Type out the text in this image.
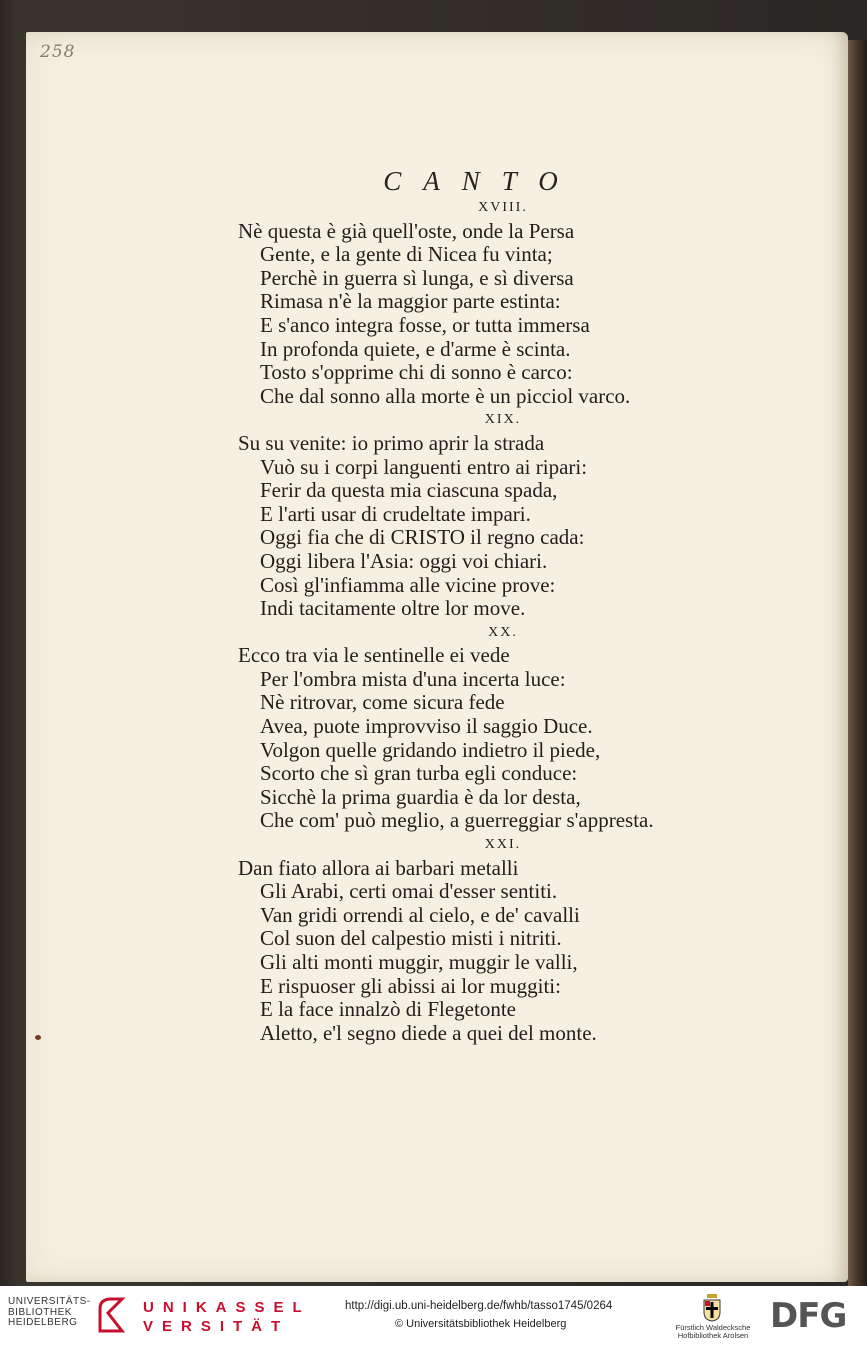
258
CANTO
XVIII.
Nè questa è già quell'oste, onde la Persa
Gente, e la gente di Nicea fu vinta;
Perchè in guerra sì lunga, e sì diversa
Rimasa n'è la maggior parte estinta:
E s'anco integra fosse, or tutta immersa
In profonda quiete, e d'arme è scinta.
Tosto s'opprime chi di sonno è carco:
Che dal sonno alla morte è un picciol varco.
XIX.
Su su venite: io primo aprir la strada
Vuò su i corpi languenti entro ai ripari:
Ferir da questa mia ciascuna spada,
E l'arti usar di crudeltate impari.
Oggi fia che di CRISTO il regno cada:
Oggi libera l'Asia: oggi voi chiari.
Così gl'infiamma alle vicine prove:
Indi tacitamente oltre lor move.
XX.
Ecco tra via le sentinelle ei vede
Per l'ombra mista d'una incerta luce:
Nè ritrovar, come sicura fede
Avea, puote improvviso il saggio Duce.
Volgon quelle gridando indietro il piede,
Scorto che sì gran turba egli conduce:
Sicchè la prima guardia è da lor desta,
Che com' può meglio, a guerreggiar s'appresta.
XXI.
Dan fiato allora ai barbari metalli
Gli Arabi, certi omai d'esser sentiti.
Van gridi orrendi al cielo, e de' cavalli
Col suon del calpestio misti i nitriti.
Gli alti monti muggir, muggir le valli,
E rispuoser gli abissi ai lor muggiti:
E la face innalzò di Flegetonte
Aletto, e'l segno diede a quei del monte.
UNIVERSITÄTS-
BIBLIOTHEK
HEIDELBERG
UNIKASSEL
VERSITÄT
http://digi.ub.uni-heidelberg.de/fwhb/tasso1745/0264
© Universitätsbibliothek Heidelberg	Fürstlich Waldecksche
Hofbibliothek Arolsen DFG
